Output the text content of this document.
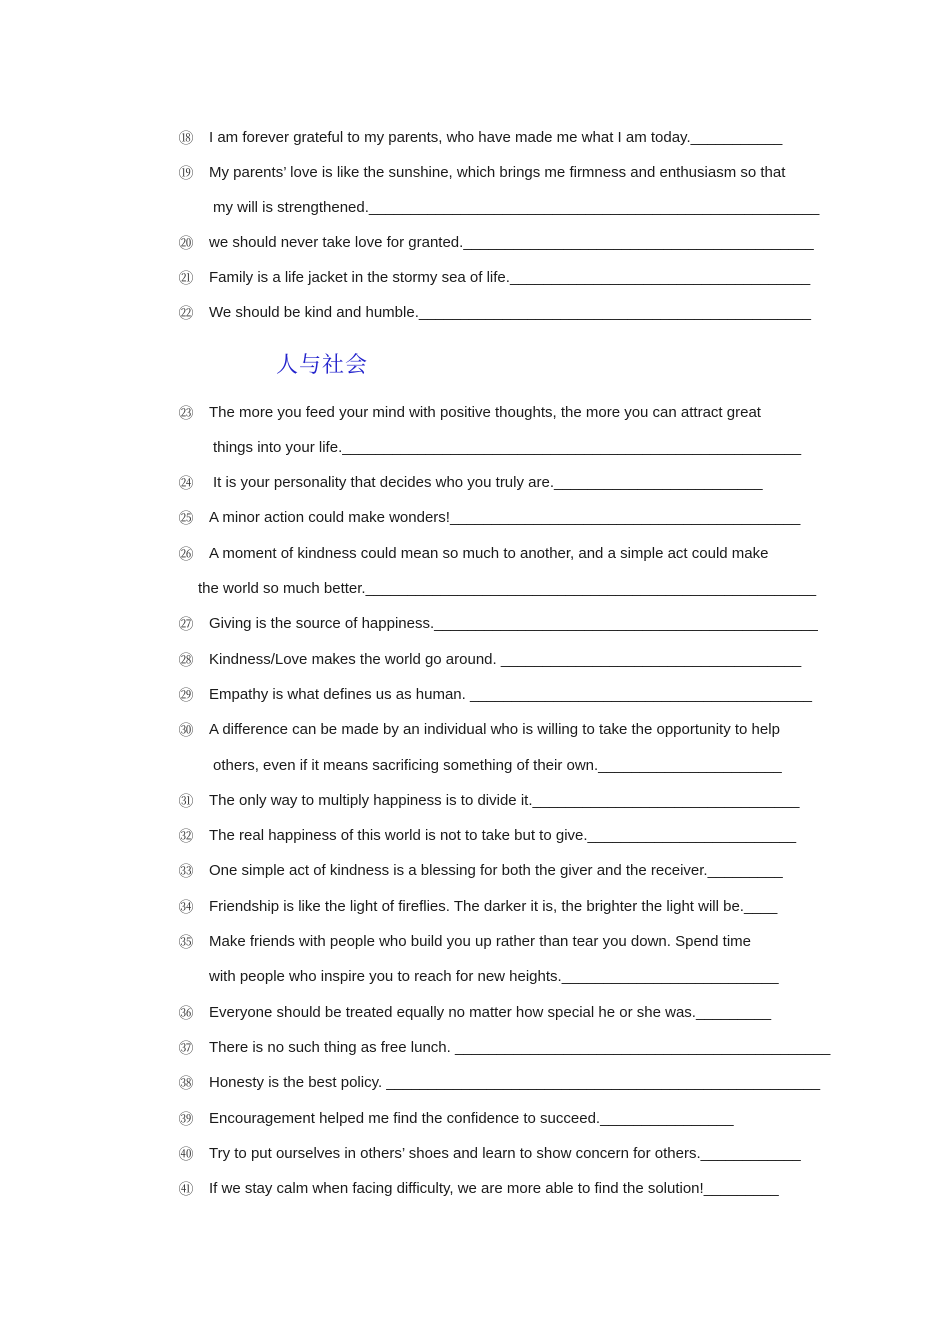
⑱ I am forever grateful to my parents, who have made me what I am today.___________
⑲ My parents’ love is like the sunshine, which brings me firmness and enthusiasm so that
my will is strengthened.______________________________________________________
⑳ we should never take love for granted.__________________________________________
㉑ Family is a life jacket in the stormy sea of life.____________________________________
㉒ We should be kind and humble._______________________________________________
人与社会
㉓ The more you feed your mind with positive thoughts, the more you can attract great
things into your life._______________________________________________________
㉔ It is your personality that decides who you truly are._________________________
㉕ A minor action could make wonders!__________________________________________
㉖ A moment of kindness could mean so much to another, and a simple act could make
the world so much better.______________________________________________________
㉗ Giving is the source of happiness.______________________________________________
㉘ Kindness/Love makes the world go around. ____________________________________
㉙ Empathy is what defines us as human. _________________________________________
㉚ A difference can be made by an individual who is willing to take the opportunity to help
others, even if it means sacrificing something of their own.______________________
㉛ The only way to multiply happiness is to divide it.________________________________
㉜ The real happiness of this world is not to take but to give._________________________
㉝ One simple act of kindness is a blessing for both the giver and the receiver._________
㉞ Friendship is like the light of fireflies. The darker it is, the brighter the light will be.____
㉟ Make friends with people who build you up rather than tear you down. Spend time
with people who inspire you to reach for new heights.__________________________
㊱ Everyone should be treated equally no matter how special he or she was._________
㊲ There is no such thing as free lunch. _____________________________________________
㊳ Honesty is the best policy. ____________________________________________________
㊴ Encouragement helped me find the confidence to succeed.________________
㊵ Try to put ourselves in others’ shoes and learn to show concern for others.____________
㊶ If we stay calm when facing difficulty, we are more able to find the solution!_________
